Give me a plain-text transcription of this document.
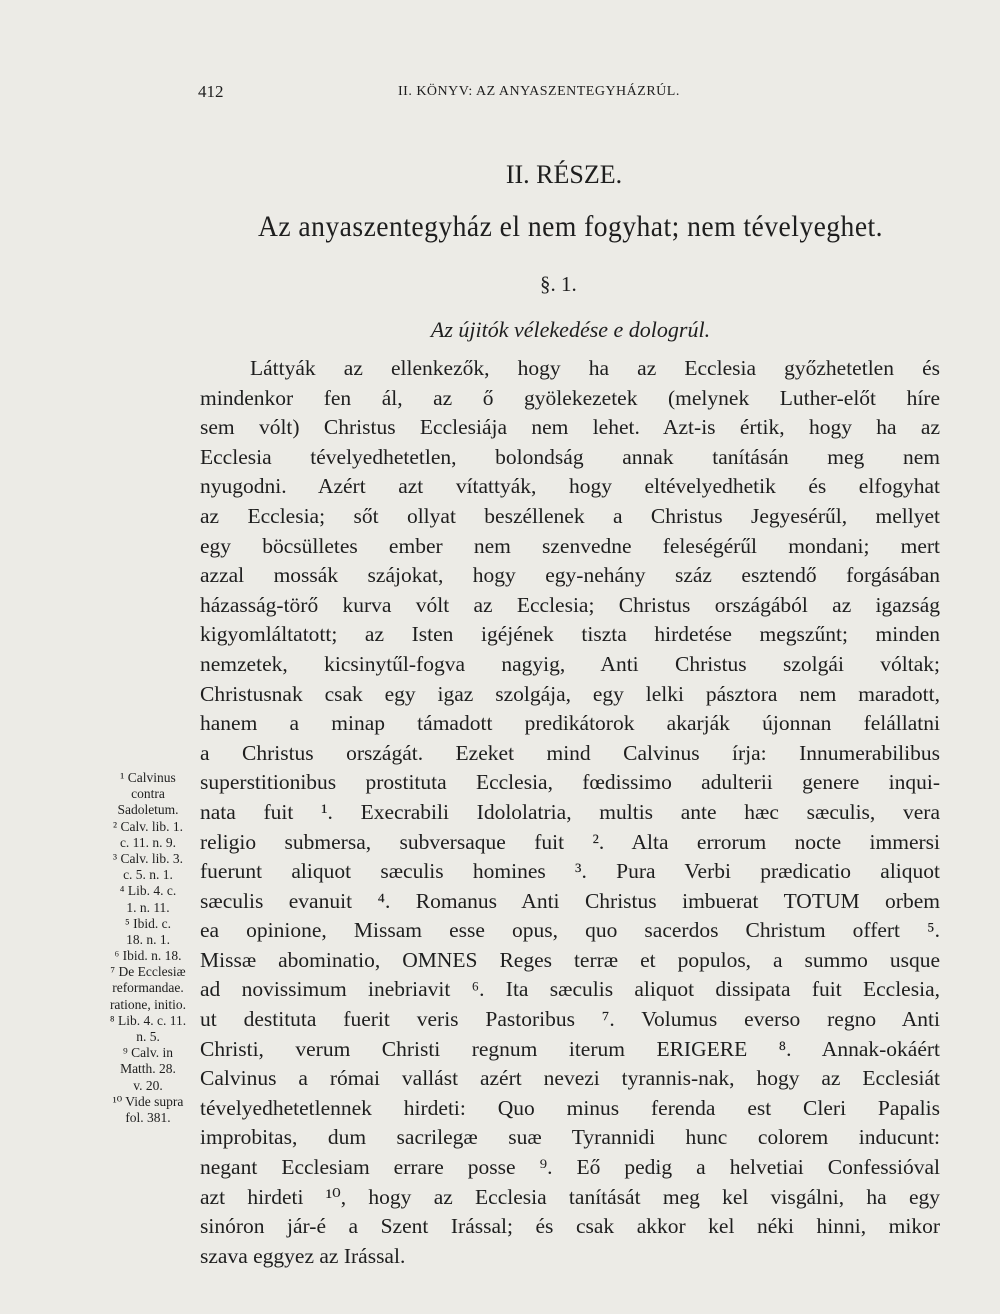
412	II. KÖNYV: AZ ANYASZENTEGYHÁZRÚL.
II. RÉSZE.
Az anyaszentegyház el nem fogyhat; nem tévelyeghet.
§. 1.
Az újitók vélekedése e dologrúl.
Láttyák az ellenkezők, hogy ha az Ecclesia győzhetetlen és
mindenkor fen ál, az ő gyölekezetek (melynek Luther-előt híre
sem vólt) Christus Ecclesiája nem lehet. Azt-is értik, hogy ha az
Ecclesia tévelyedhetetlen, bolondság annak tanításán meg nem
nyugodni. Azért azt vítattyák, hogy eltévelyedhetik és elfogyhat
az Ecclesia; sőt ollyat beszéllenek a Christus Jegyesérűl, mellyet
egy böcsülletes ember nem szenvedne feleségérűl mondani; mert
azzal mossák szájokat, hogy egy-nehány száz esztendő forgásában
házasság-törő kurva vólt az Ecclesia; Christus országából az igazság
kigyomláltatott; az Isten igéjének tiszta hirdetése megszűnt; minden
nemzetek, kicsinytűl-fogva nagyig, Anti Christus szolgái vóltak;
Christusnak csak egy igaz szolgája, egy lelki pásztora nem maradott,
hanem a minap támadott predikátorok akarják újonnan felállatni
a Christus országát. Ezeket mind Calvinus írja: Innumerabilibus
superstitionibus prostituta Ecclesia, fœdissimo adulterii genere inqui-
nata fuit ¹. Execrabili Idololatria, multis ante hæc sæculis, vera
religio submersa, subversaque fuit ². Alta errorum nocte immersi
fuerunt aliquot sæculis homines ³. Pura Verbi prædicatio aliquot
sæculis evanuit ⁴. Romanus Anti Christus imbuerat TOTUM orbem
ea opinione, Missam esse opus, quo sacerdos Christum offert ⁵.
Missæ abominatio, OMNES Reges terræ et populos, a summo usque
ad novissimum inebriavit ⁶. Ita sæculis aliquot dissipata fuit Ecclesia,
ut destituta fuerit veris Pastoribus ⁷. Volumus everso regno Anti
Christi, verum Christi regnum iterum ERIGERE ⁸. Annak-okáért
Calvinus a római vallást azért nevezi tyrannis-nak, hogy az Ecclesiát
tévelyedhetetlennek hirdeti: Quo minus ferenda est Cleri Papalis
improbitas, dum sacrilegæ suæ Tyrannidi hunc colorem inducunt:
negant Ecclesiam errare posse ⁹. Eő pedig a helvetiai Confessióval
azt hirdeti ¹⁰, hogy az Ecclesia tanítását meg kel visgálni, ha egy
sinóron jár-é a Szent Irással; és csak akkor kel néki hinni, mikor
szava eggyez az Irással.
¹ Calvinus
contra
Sadoletum.
² Calv. lib. 1.
c. 11. n. 9.
³ Calv. lib. 3.
c. 5. n. 1.
⁴ Lib. 4. c.
1. n. 11.
⁵ Ibid. c.
18. n. 1.
⁶ Ibid. n. 18.
⁷ De Ecclesiæ
reformandae.
ratione, initio.
⁸ Lib. 4. c. 11.
n. 5.
⁹ Calv. in
Matth. 28.
v. 20.
¹⁰ Vide supra
fol. 381.
